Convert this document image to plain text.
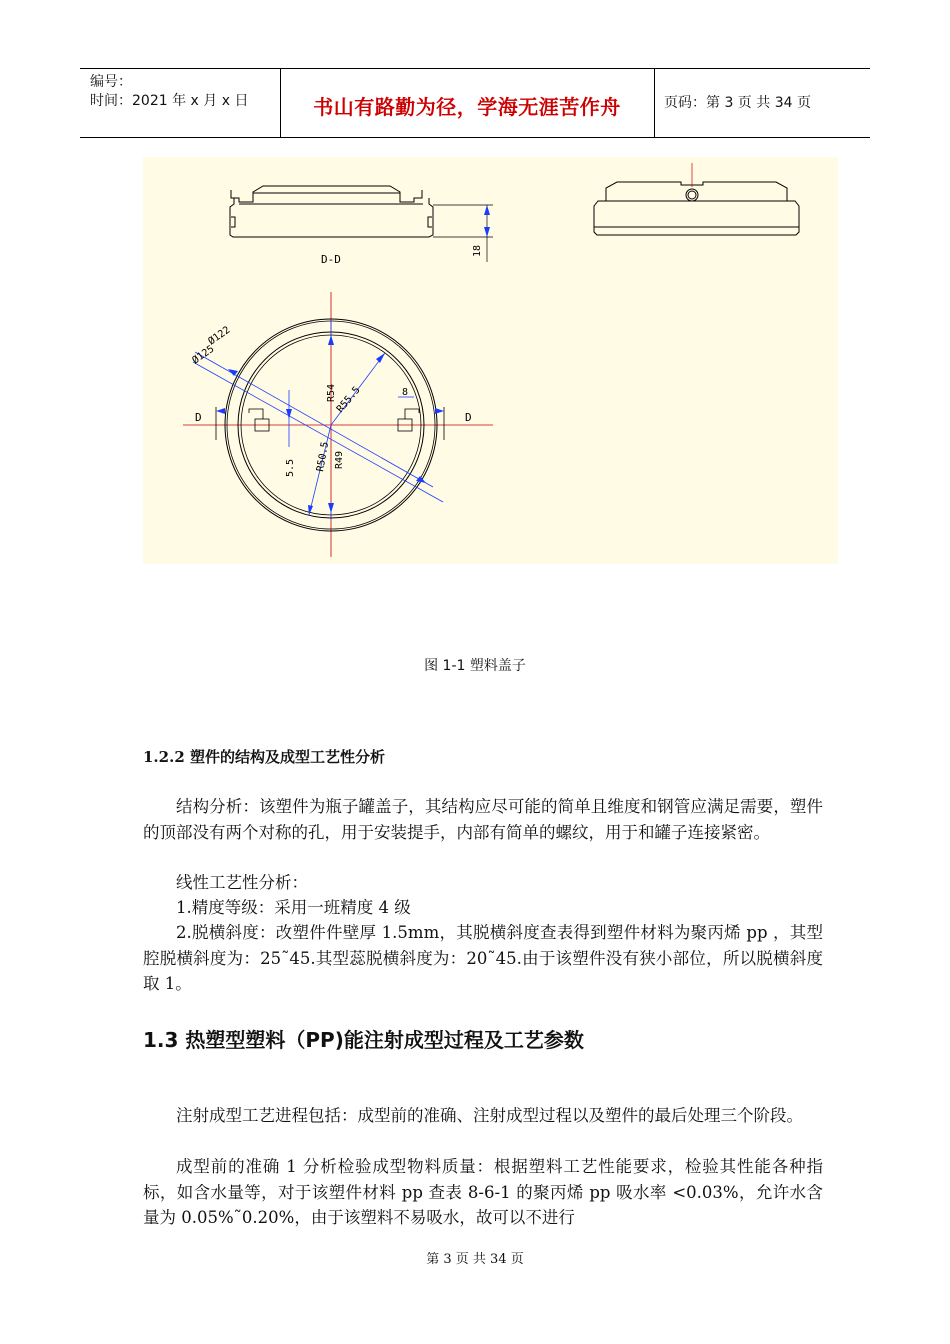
编号：
时间：2021 年 x 月 x 日	书山有路勤为径，学海无涯苦作舟	页码：第 3 页 共 34 页
18
D-D
Ø122
Ø125
R54
R55.5
R50.5 R49
8
5.5
D	D
图 1-1 塑料盖子
1.2.2 塑件的结构及成型工艺性分析
结构分析：该塑件为瓶子罐盖子，其结构应尽可能的简单且维度和钢管应满足需要，塑件的顶部没有两个对称的孔，用于安装提手，内部有简单的螺纹，用于和罐子连接紧密。
线性工艺性分析：
1.精度等级：采用一班精度 4 级
2.脱横斜度：改塑件件壁厚 1.5mm，其脱横斜度查表得到塑件材料为聚丙烯 pp ，其型腔脱横斜度为：25˜45.其型蕊脱横斜度为：20˜45.由于该塑件没有狭小部位，所以脱横斜度取 1。
1.3 热塑型塑料（PP)能注射成型过程及工艺参数
注射成型工艺进程包括：成型前的准确、注射成型过程以及塑件的最后处理三个阶段。
成型前的准确 1 分析检验成型物料质量：根据塑料工艺性能要求，检验其性能各种指标，如含水量等，对于该塑件材料 pp 查表 8-6-1 的聚丙烯 pp 吸水率 <0.03%，允许水含量为 0.05%˜0.20%，由于该塑料不易吸水，故可以不进行
第 3 页 共 34 页
